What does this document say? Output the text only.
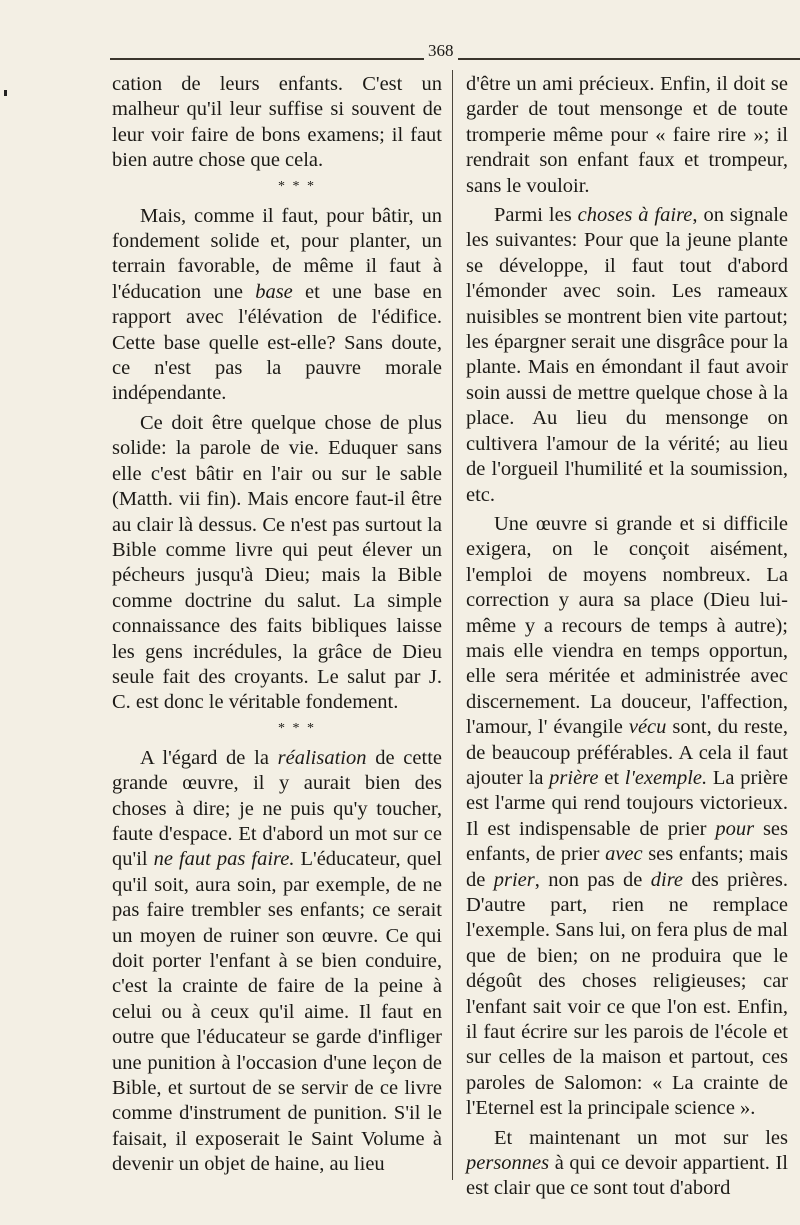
368

cation de leurs enfants. C'est un malheur qu'il leur suffise si souvent de leur voir faire de bons examens; il faut bien autre chose que cela.

* * *

Mais, comme il faut, pour bâtir, un fondement solide et, pour planter, un terrain favorable, de même il faut à l'éducation une base et une base en rapport avec l'élévation de l'édifice. Cette base quelle est-elle? Sans doute, ce n'est pas la pauvre morale indépendante.

Ce doit être quelque chose de plus solide: la parole de vie. Eduquer sans elle c'est bâtir en l'air ou sur le sable (Matth. vii fin). Mais encore faut-il être au clair là dessus. Ce n'est pas surtout la Bible comme livre qui peut élever un pécheurs jusqu'à Dieu; mais la Bible comme doctrine du salut. La simple connaissance des faits bibliques laisse les gens incrédules, la grâce de Dieu seule fait des croyants. Le salut par J. C. est donc le véritable fondement.

* * *

A l'égard de la réalisation de cette grande œuvre, il y aurait bien des choses à dire; je ne puis qu'y toucher, faute d'espace. Et d'abord un mot sur ce qu'il ne faut pas faire. L'éducateur, quel qu'il soit, aura soin, par exemple, de ne pas faire trembler ses enfants; ce serait un moyen de ruiner son œuvre. Ce qui doit porter l'enfant à se bien conduire, c'est la crainte de faire de la peine à celui ou à ceux qu'il aime. Il faut en outre que l'éducateur se garde d'infliger une punition à l'occasion d'une leçon de Bible, et surtout de se servir de ce livre comme d'instrument de punition. S'il le faisait, il exposerait le Saint Volume à devenir un objet de haine, au lieu

d'être un ami précieux. Enfin, il doit se garder de tout mensonge et de toute tromperie même pour « faire rire »; il rendrait son enfant faux et trompeur, sans le vouloir.

Parmi les choses à faire, on signale les suivantes: Pour que la jeune plante se développe, il faut tout d'abord l'émonder avec soin. Les rameaux nuisibles se montrent bien vite partout; les épargner serait une disgrâce pour la plante. Mais en émondant il faut avoir soin aussi de mettre quelque chose à la place. Au lieu du mensonge on cultivera l'amour de la vérité; au lieu de l'orgueil l'humilité et la soumission, etc.

Une œuvre si grande et si difficile exigera, on le conçoit aisément, l'emploi de moyens nombreux. La correction y aura sa place (Dieu lui-même y a recours de temps à autre); mais elle viendra en temps opportun, elle sera méritée et administrée avec discernement. La douceur, l'affection, l'amour, l' évangile vécu sont, du reste, de beaucoup préférables. A cela il faut ajouter la prière et l'exemple. La prière est l'arme qui rend toujours victorieux. Il est indispensable de prier pour ses enfants, de prier avec ses enfants; mais de prier, non pas de dire des prières. D'autre part, rien ne remplace l'exemple. Sans lui, on fera plus de mal que de bien; on ne produira que le dégoût des choses religieuses; car l'enfant sait voir ce que l'on est. Enfin, il faut écrire sur les parois de l'école et sur celles de la maison et partout, ces paroles de Salomon: « La crainte de l'Eternel est la principale science ».

Et maintenant un mot sur les personnes à qui ce devoir appartient. Il est clair que ce sont tout d'abord
